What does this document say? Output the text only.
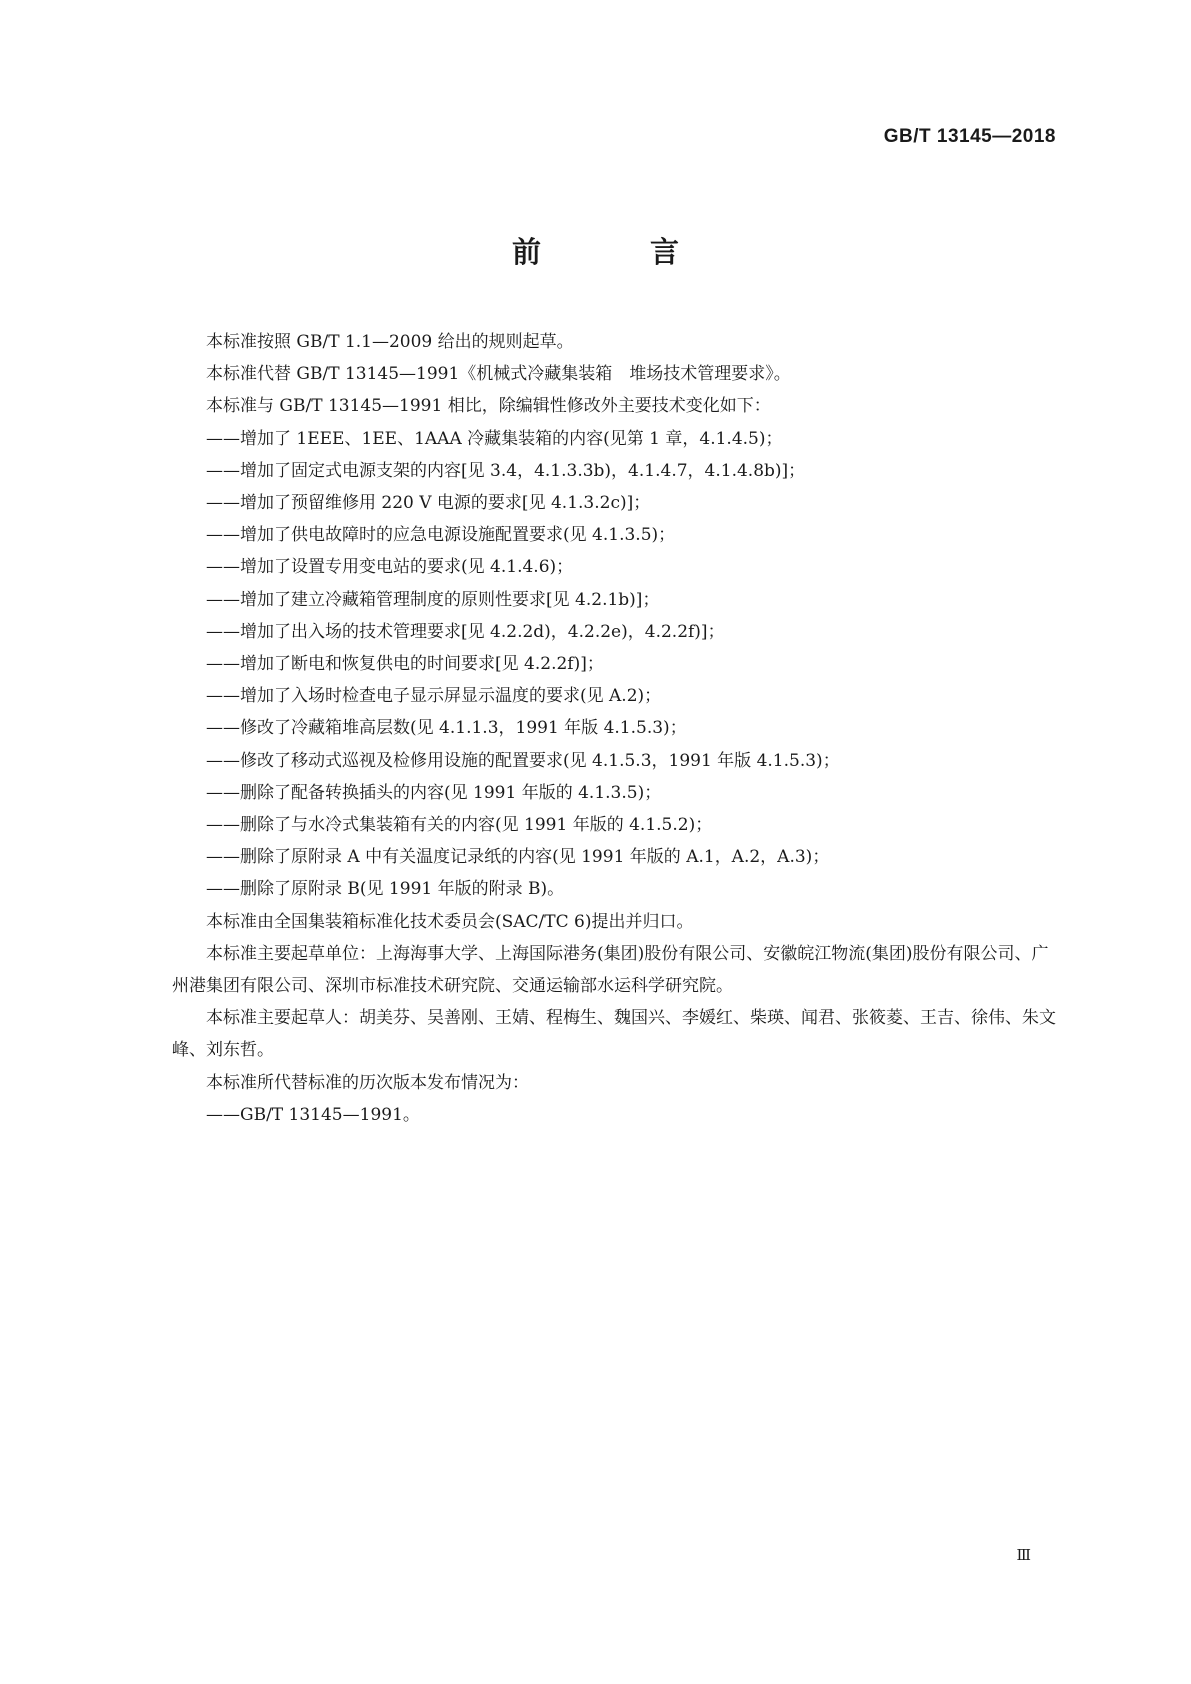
GB/T 13145—2018
前　言

本标准按照 GB/T 1.1—2009 给出的规则起草。

本标准代替 GB/T 13145—1991《机械式冷藏集装箱　堆场技术管理要求》。

本标准与 GB/T 13145—1991 相比，除编辑性修改外主要技术变化如下：

——增加了 1EEE、1EE、1AAA 冷藏集装箱的内容(见第 1 章，4.1.4.5)；

——增加了固定式电源支架的内容[见 3.4，4.1.3.3b)，4.1.4.7，4.1.4.8b)]；

——增加了预留维修用 220 V 电源的要求[见 4.1.3.2c)]；

——增加了供电故障时的应急电源设施配置要求(见 4.1.3.5)；

——增加了设置专用变电站的要求(见 4.1.4.6)；

——增加了建立冷藏箱管理制度的原则性要求[见 4.2.1b)]；

——增加了出入场的技术管理要求[见 4.2.2d)，4.2.2e)，4.2.2f)]；

——增加了断电和恢复供电的时间要求[见 4.2.2f)]；

——增加了入场时检查电子显示屏显示温度的要求(见 A.2)；

——修改了冷藏箱堆高层数(见 4.1.1.3，1991 年版 4.1.5.3)；

——修改了移动式巡视及检修用设施的配置要求(见 4.1.5.3，1991 年版 4.1.5.3)；

——删除了配备转换插头的内容(见 1991 年版的 4.1.3.5)；

——删除了与水冷式集装箱有关的内容(见 1991 年版的 4.1.5.2)；

——删除了原附录 A 中有关温度记录纸的内容(见 1991 年版的 A.1，A.2，A.3)；

——删除了原附录 B(见 1991 年版的附录 B)。

本标准由全国集装箱标准化技术委员会(SAC/TC 6)提出并归口。

本标准主要起草单位：上海海事大学、上海国际港务(集团)股份有限公司、安徽皖江物流(集团)股份有限公司、广州港集团有限公司、深圳市标准技术研究院、交通运输部水运科学研究院。

本标准主要起草人：胡美芬、吴善刚、王婧、程梅生、魏国兴、李媛红、柴瑛、闻君、张筱菱、王吉、徐伟、朱文峰、刘东哲。

本标准所代替标准的历次版本发布情况为：

——GB/T 13145—1991。

Ⅲ
